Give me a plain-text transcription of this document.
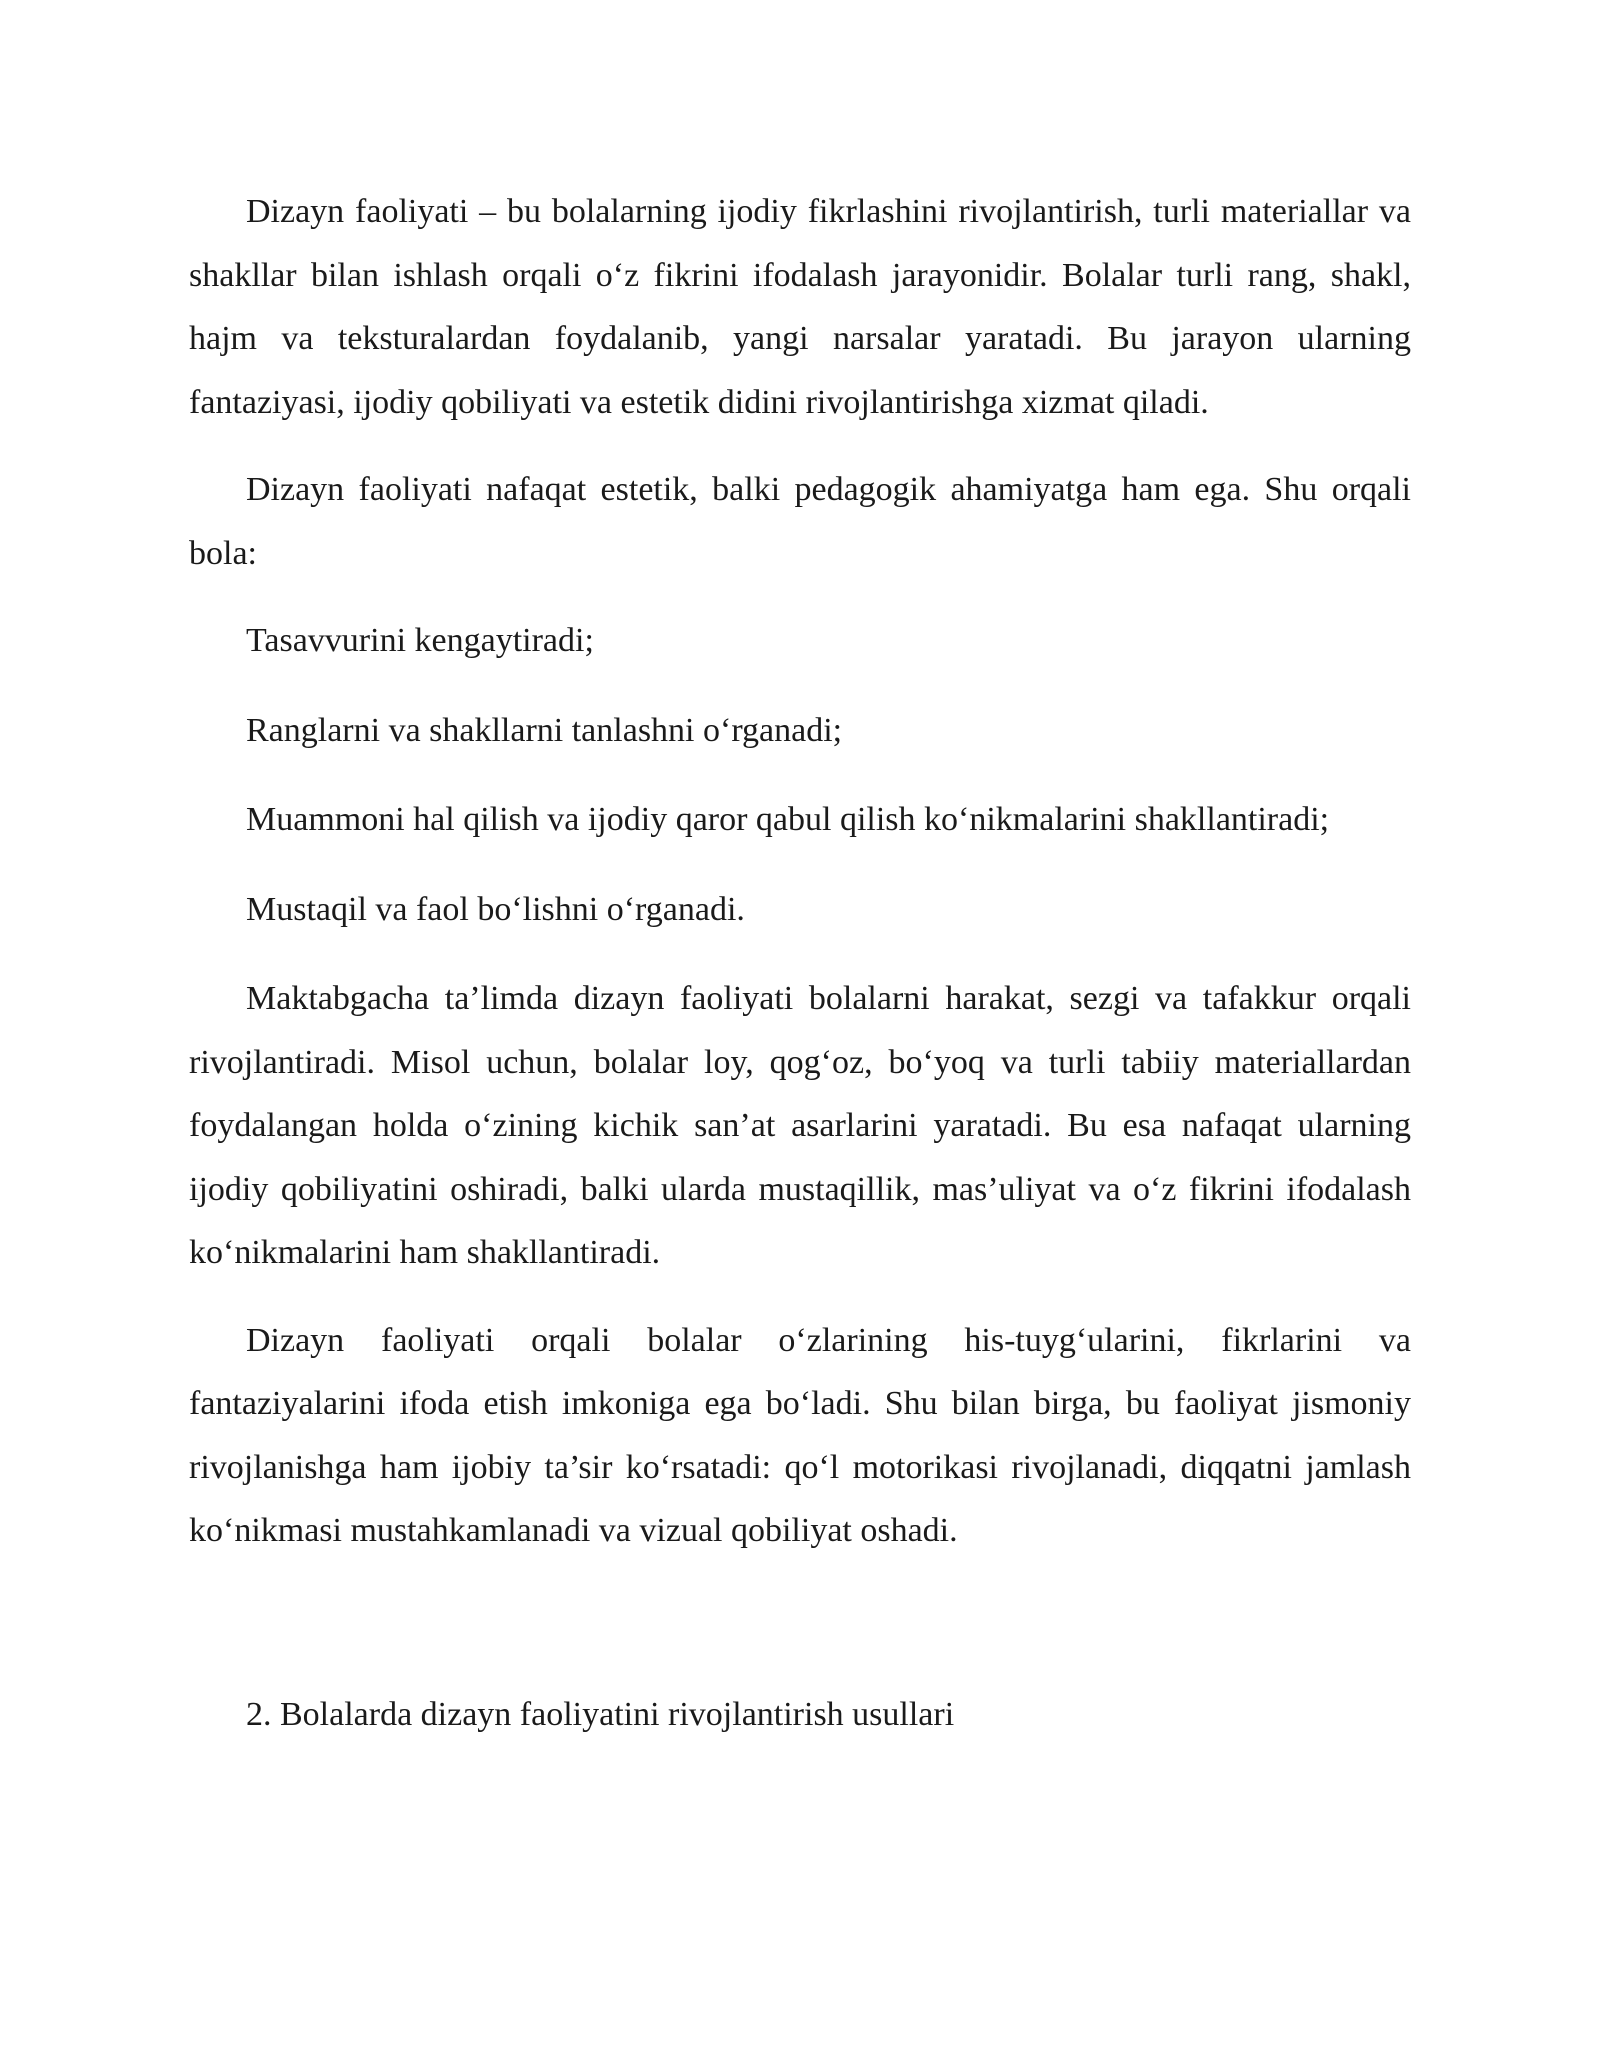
Dizayn faoliyati – bu bolalarning ijodiy fikrlashini rivojlantirish, turli materiallar va shakllar bilan ishlash orqali o‘z fikrini ifodalash jarayonidir. Bolalar turli rang, shakl, hajm va teksturalardan foydalanib, yangi narsalar yaratadi. Bu jarayon ularning fantaziyasi, ijodiy qobiliyati va estetik didini rivojlantirishga xizmat qiladi.

Dizayn faoliyati nafaqat estetik, balki pedagogik ahamiyatga ham ega. Shu orqali bola:

Tasavvurini kengaytiradi;

Ranglarni va shakllarni tanlashni o‘rganadi;

Muammoni hal qilish va ijodiy qaror qabul qilish ko‘nikmalarini shakllantiradi;

Mustaqil va faol bo‘lishni o‘rganadi.

Maktabgacha ta’limda dizayn faoliyati bolalarni harakat, sezgi va tafakkur orqali rivojlantiradi. Misol uchun, bolalar loy, qog‘oz, bo‘yoq va turli tabiiy materiallardan foydalangan holda o‘zining kichik san’at asarlarini yaratadi. Bu esa nafaqat ularning ijodiy qobiliyatini oshiradi, balki ularda mustaqillik, mas’uliyat va o‘z fikrini ifodalash ko‘nikmalarini ham shakllantiradi.

Dizayn faoliyati orqali bolalar o‘zlarining his-tuyg‘ularini, fikrlarini va fantaziyalarini ifoda etish imkoniga ega bo‘ladi. Shu bilan birga, bu faoliyat jismoniy rivojlanishga ham ijobiy ta’sir ko‘rsatadi: qo‘l motorikasi rivojlanadi, diqqatni jamlash ko‘nikmasi mustahkamlanadi va vizual qobiliyat oshadi.

2. Bolalarda dizayn faoliyatini rivojlantirish usullari
